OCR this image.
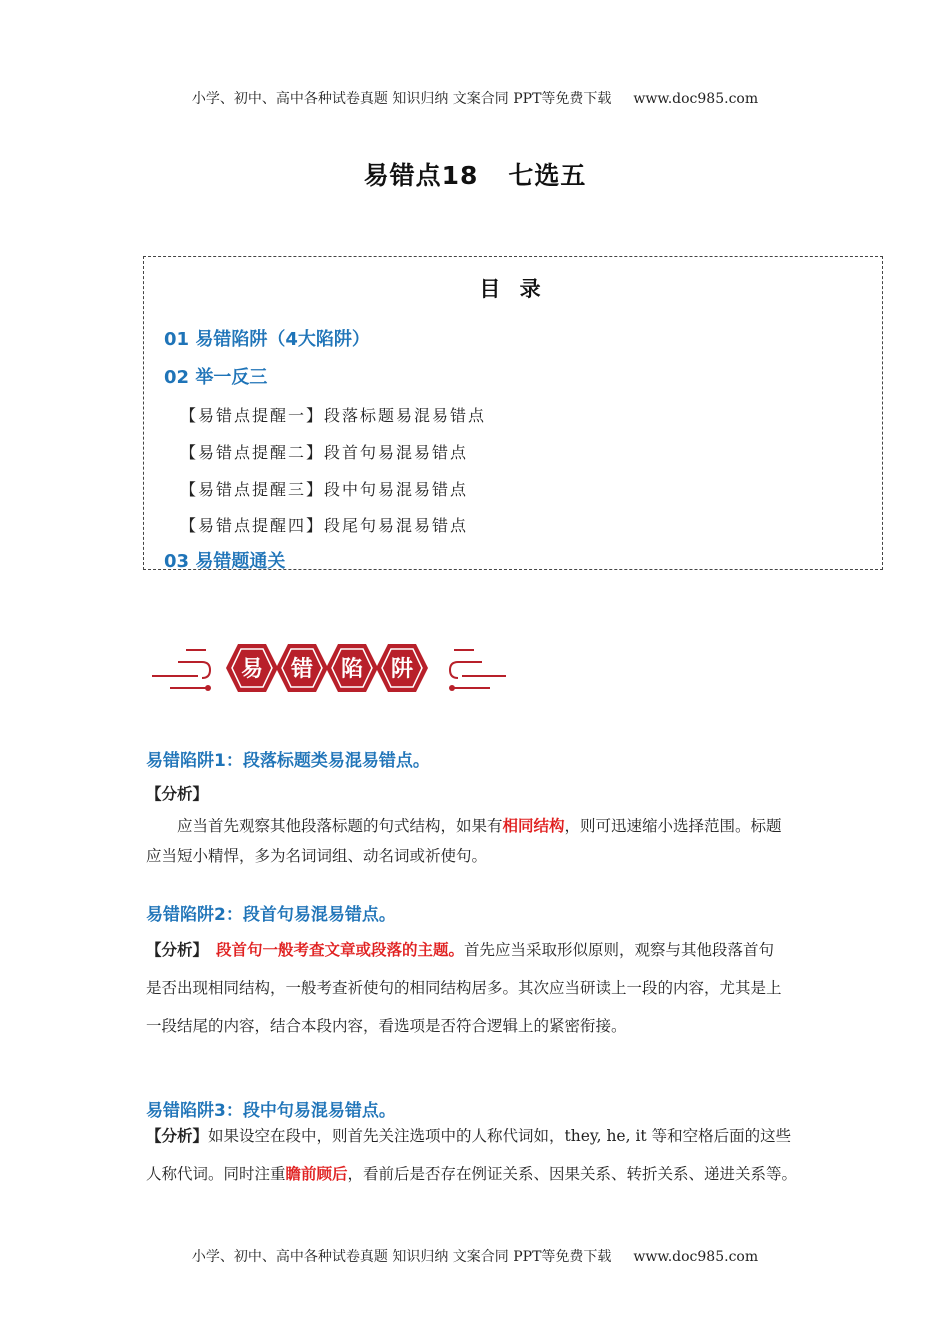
小学、初中、高中各种试卷真题 知识归纳 文案合同 PPT等免费下载 www.doc985.com
易错点18 七选五
目 录
01 易错陷阱（4大陷阱）
02 举一反三
【易错点提醒一】段落标题易混易错点
【易错点提醒二】段首句易混易错点
【易错点提醒三】段中句易混易错点
【易错点提醒四】段尾句易混易错点
03 易错题通关
易 错 陷 阱
易错陷阱1：段落标题类易混易错点。
【分析】
应当首先观察其他段落标题的句式结构，如果有相同结构，则可迅速缩小选择范围。标题
应当短小精悍，多为名词词组、动名词或祈使句。
易错陷阱2：段首句易混易错点。
【分析】 段首句一般考查文章或段落的主题。首先应当采取形似原则，观察与其他段落首句
是否出现相同结构，一般考查祈使句的相同结构居多。其次应当研读上一段的内容，尤其是上
一段结尾的内容，结合本段内容，看选项是否符合逻辑上的紧密衔接。
易错陷阱3：段中句易混易错点。
【分析】如果设空在段中，则首先关注选项中的人称代词如，they, he, it 等和空格后面的这些
人称代词。同时注重瞻前顾后，看前后是否存在例证关系、因果关系、转折关系、递进关系等。
小学、初中、高中各种试卷真题 知识归纳 文案合同 PPT等免费下载 www.doc985.com
